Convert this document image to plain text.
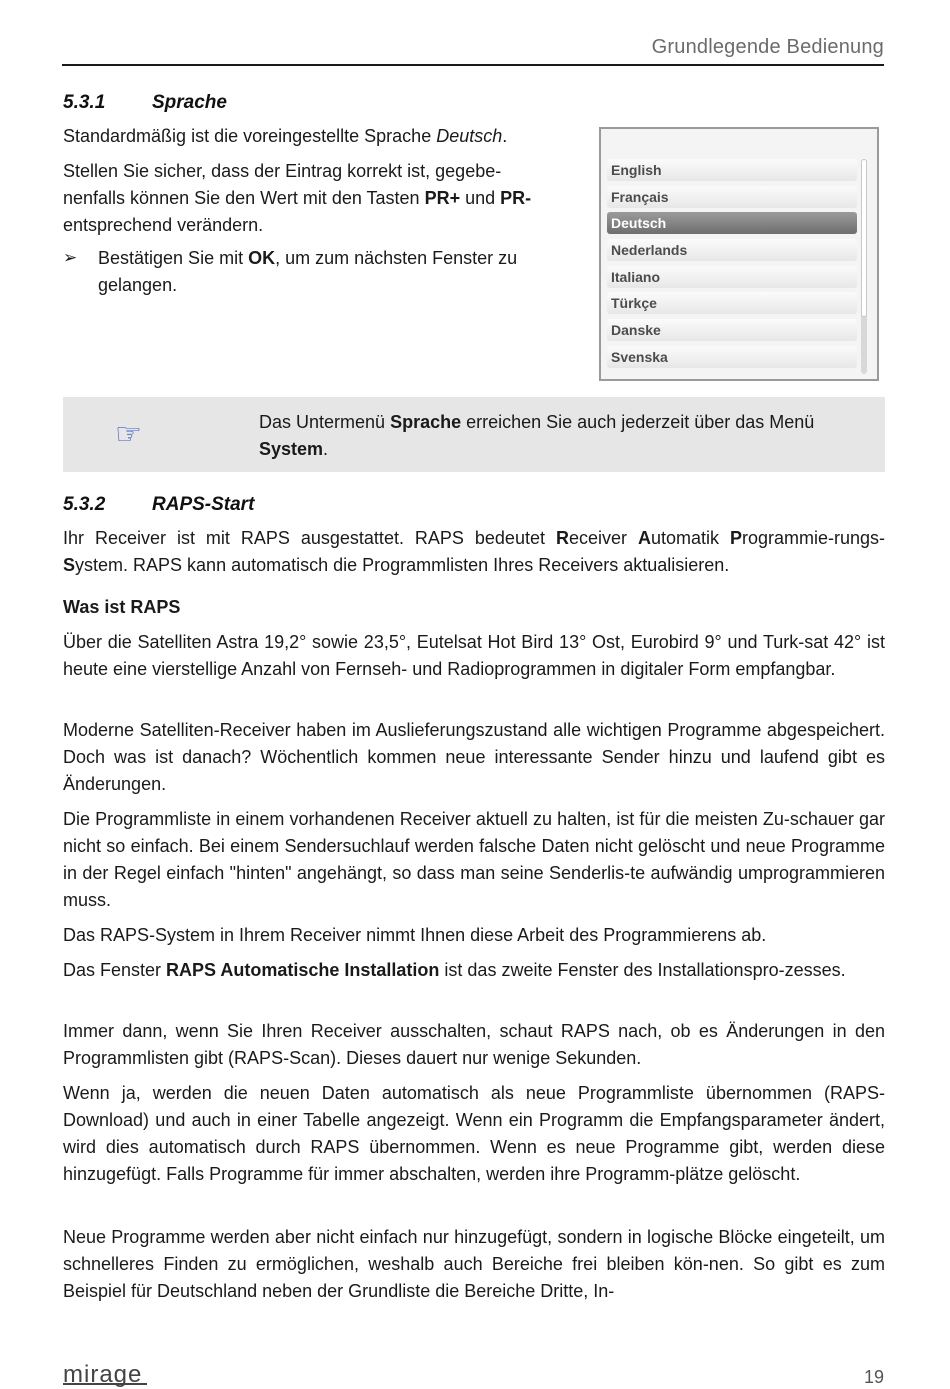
Grundlegende Bedienung
5.3.1 Sprache

Standardmäßig ist die voreingestellte Sprache Deutsch.

Stellen Sie sicher, dass der Eintrag korrekt ist, gegebe-nenfalls können Sie den Wert mit den Tasten PR+ und PR- entsprechend verändern.

➢ Bestätigen Sie mit OK, um zum nächsten Fenster zu gelangen.

English
Français
Deutsch
Nederlands
Italiano
Türkçe
Danske
Svenska
☞	Das Untermenü Sprache erreichen Sie auch jederzeit über das Menü System.

5.3.2 RAPS-Start

Ihr Receiver ist mit RAPS ausgestattet. RAPS bedeutet Receiver Automatik Programmie-rungs-System. RAPS kann automatisch die Programmlisten Ihres Receivers aktualisieren.

Was ist RAPS

Über die Satelliten Astra 19,2° sowie 23,5°, Eutelsat Hot Bird 13° Ost, Eurobird 9° und Turk-sat 42° ist heute eine vierstellige Anzahl von Fernseh- und Radioprogrammen in digitaler Form empfangbar.

Moderne Satelliten-Receiver haben im Auslieferungszustand alle wichtigen Programme abgespeichert. Doch was ist danach? Wöchentlich kommen neue interessante Sender hinzu und laufend gibt es Änderungen.

Die Programmliste in einem vorhandenen Receiver aktuell zu halten, ist für die meisten Zu-schauer gar nicht so einfach. Bei einem Sendersuchlauf werden falsche Daten nicht gelöscht und neue Programme in der Regel einfach "hinten" angehängt, so dass man seine Senderlis-te aufwändig umprogrammieren muss.

Das RAPS-System in Ihrem Receiver nimmt Ihnen diese Arbeit des Programmierens ab.

Das Fenster RAPS Automatische Installation ist das zweite Fenster des Installationspro-zesses.

Immer dann, wenn Sie Ihren Receiver ausschalten, schaut RAPS nach, ob es Änderungen in den Programmlisten gibt (RAPS-Scan). Dieses dauert nur wenige Sekunden.

Wenn ja, werden die neuen Daten automatisch als neue Programmliste übernommen (RAPS-Download) und auch in einer Tabelle angezeigt. Wenn ein Programm die Empfangsparameter ändert, wird dies automatisch durch RAPS übernommen. Wenn es neue Programme gibt, werden diese hinzugefügt. Falls Programme für immer abschalten, werden ihre Programm-plätze gelöscht.

Neue Programme werden aber nicht einfach nur hinzugefügt, sondern in logische Blöcke eingeteilt, um schnelleres Finden zu ermöglichen, weshalb auch Bereiche frei bleiben kön-nen. So gibt es zum Beispiel für Deutschland neben der Grundliste die Bereiche Dritte, In-

mirage	19
